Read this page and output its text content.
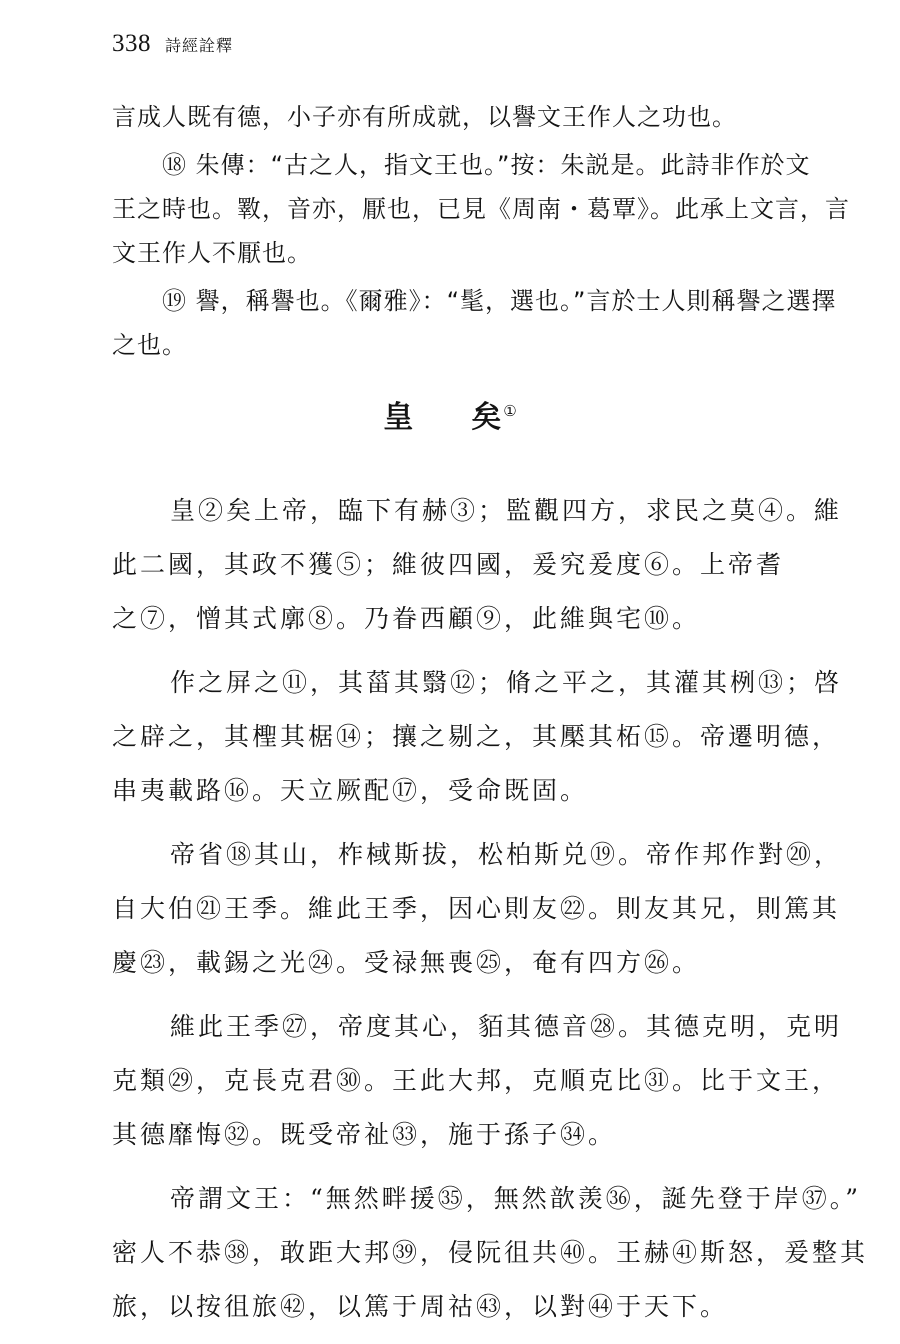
338 詩經詮釋

言成人既有德，小子亦有所成就，以譽文王作人之功也。

⑱ 朱傳：“古之人，指文王也。”按：朱説是。此詩非作於文

王之時也。斁，音亦，厭也，已見《周南・葛覃》。此承上文言，言

文王作人不厭也。

⑲ 譽，稱譽也。《爾雅》：“髦，選也。”言於士人則稱譽之選擇

之也。

皇 矣 ①

皇②矣上帝，臨下有赫③；監觀四方，求民之莫④。維

此二國，其政不獲⑤；維彼四國，爰究爰度⑥。上帝耆

之⑦，憎其式廓⑧。乃眷西顧⑨，此維與宅⑩。

作之屏之⑪，其菑其翳⑫；脩之平之，其灌其栵⑬；啓

之辟之，其檉其椐⑭；攘之剔之，其檿其柘⑮。帝遷明德，

串夷載路⑯。天立厥配⑰，受命既固。

帝省⑱其山，柞棫斯拔，松柏斯兑⑲。帝作邦作對⑳，

自大伯㉑王季。維此王季，因心則友㉒。則友其兄，則篤其

慶㉓，載錫之光㉔。受禄無喪㉕，奄有四方㉖。

維此王季㉗，帝度其心，貊其德音㉘。其德克明，克明

克類㉙，克長克君㉚。王此大邦，克順克比㉛。比于文王，

其德靡悔㉜。既受帝祉㉝，施于孫子㉞。

帝謂文王：“無然畔援㉟，無然歆羡㊱，誕先登于岸㊲。”

密人不恭㊳，敢距大邦㊴，侵阮徂共㊵。王赫㊶斯怒，爰整其

旅，以按徂旅㊷，以篤于周祜㊸，以對㊹于天下。
